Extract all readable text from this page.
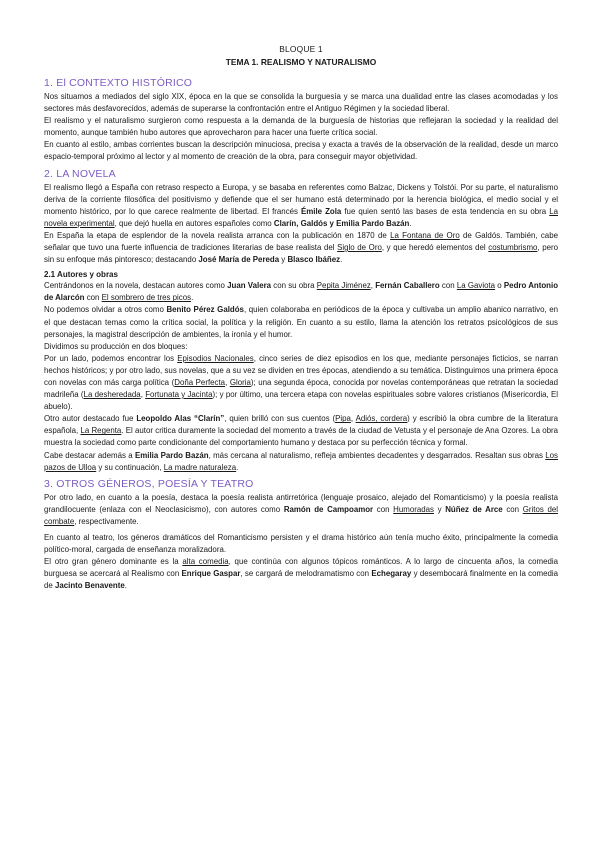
BLOQUE 1
TEMA 1. REALISMO Y NATURALISMO
1. El CONTEXTO HISTÓRICO

Nos situamos a mediados del siglo XIX, época en la que se consolida la burguesía y se marca una dualidad entre las clases acomodadas y los sectores más desfavorecidos, además de superarse la confrontación entre el Antiguo Régimen y la sociedad liberal.

El realismo y el naturalismo surgieron como respuesta a la demanda de la burguesía de historias que reflejaran la sociedad y la realidad del momento, aunque también hubo autores que aprovecharon para hacer una fuerte crítica social.

En cuanto al estilo, ambas corrientes buscan la descripción minuciosa, precisa y exacta a través de la observación de la realidad, desde un marco espacio-temporal próximo al lector y al momento de creación de la obra, para conseguir mayor objetividad.

2. LA NOVELA

El realismo llegó a España con retraso respecto a Europa, y se basaba en referentes como Balzac, Dickens y Tolstói. Por su parte, el naturalismo deriva de la corriente filosófica del positivismo y defiende que el ser humano está determinado por la herencia biológica, el medio social y el momento histórico, por lo que carece realmente de libertad. El francés Émile Zola fue quien sentó las bases de esta tendencia en su obra La novela experimental, que dejó huella en autores españoles como Clarín, Galdós y Emilia Pardo Bazán.

En España la etapa de esplendor de la novela realista arranca con la publicación en 1870 de La Fontana de Oro de Galdós. También, cabe señalar que tuvo una fuerte influencia de tradiciones literarias de base realista del Siglo de Oro, y que heredó elementos del costumbrismo, pero sin su enfoque más pintoresco; destacando José María de Pereda y Blasco Ibáñez.

2.1 Autores y obras

Centrándonos en la novela, destacan autores como Juan Valera con su obra Pepita Jiménez, Fernán Caballero con La Gaviota o Pedro Antonio de Alarcón con El sombrero de tres picos.

No podemos olvidar a otros como Benito Pérez Galdós, quien colaboraba en periódicos de la época y cultivaba un amplio abanico narrativo, en el que destacan temas como la crítica social, la política y la religión. En cuanto a su estilo, llama la atención los retratos psicológicos de sus personajes, la magistral descripción de ambientes, la ironía y el humor.

Dividimos su producción en dos bloques:

Por un lado, podemos encontrar los Episodios Nacionales, cinco series de diez episodios en los que, mediante personajes ficticios, se narran hechos históricos; y por otro lado, sus novelas, que a su vez se dividen en tres épocas, atendiendo a su temática. Distinguimos una primera época con novelas con más carga política (Doña Perfecta, Gloria); una segunda época, conocida por novelas contemporáneas que retratan la sociedad madrileña (La desheredada, Fortunata y Jacinta); y por último, una tercera etapa con novelas espirituales sobre valores cristianos (Misericordia, El abuelo).

Otro autor destacado fue Leopoldo Alas “Clarín”, quien brilló con sus cuentos (Pipa, Adiós, cordera) y escribió la obra cumbre de la literatura española, La Regenta. El autor critica duramente la sociedad del momento a través de la ciudad de Vetusta y el personaje de Ana Ozores. La obra muestra la sociedad como parte condicionante del comportamiento humano y destaca por su perfección técnica y formal.

Cabe destacar además a Emilia Pardo Bazán, más cercana al naturalismo, refleja ambientes decadentes y desgarrados. Resaltan sus obras Los pazos de Ulloa y su continuación, La madre naturaleza.

3. OTROS GÉNEROS, POESÍA Y TEATRO

Por otro lado, en cuanto a la poesía, destaca la poesía realista antirretórica (lenguaje prosaico, alejado del Romanticismo) y la poesía realista grandilocuente (enlaza con el Neoclasicismo), con autores como Ramón de Campoamor con Humoradas y Núñez de Arce con Gritos del combate, respectivamente.

En cuanto al teatro, los géneros dramáticos del Romanticismo persisten y el drama histórico aún tenía mucho éxito, principalmente la comedia político-moral, cargada de enseñanza moralizadora.

El otro gran género dominante es la alta comedia, que continúa con algunos tópicos románticos. A lo largo de cincuenta años, la comedia burguesa se acercará al Realismo con Enrique Gaspar, se cargará de melodramatismo con Echegaray y desembocará finalmente en la comedia de Jacinto Benavente.
